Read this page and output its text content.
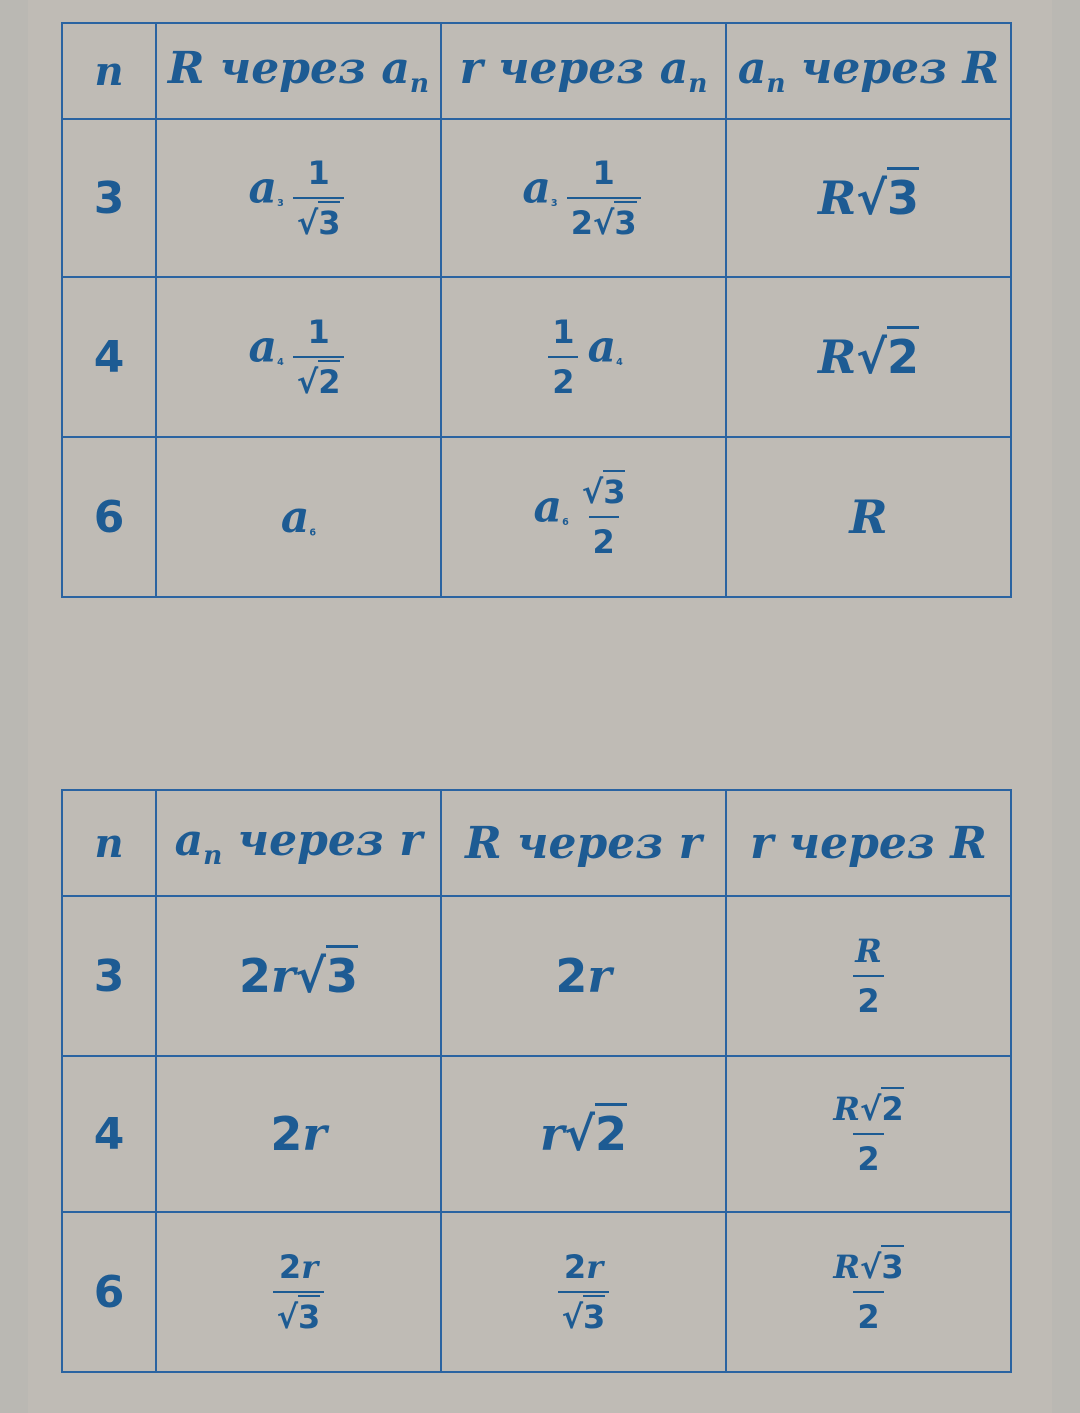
n	R через $a_n$	r через $a_n$	$a_n$ через R
3	$a_3 \frac{1}{√3}$	$a_3 \frac{1}{2√3}$	R√3
4	$a_4 \frac{1}{√2}$	$\frac{1}{2} a_4$	R√2
6	$a_6$	$a_6 \frac{√3}{2}$	R
n	$a_n$ через r	R через r	r через R
3	2r√3	2r	$\frac{R}{2}$

4	2r	r√2	$\frac{R√2}{2}$

6	$\frac{2r}{√3}$	$\frac{2r}{√3}$	$\frac{R√3}{2}$
